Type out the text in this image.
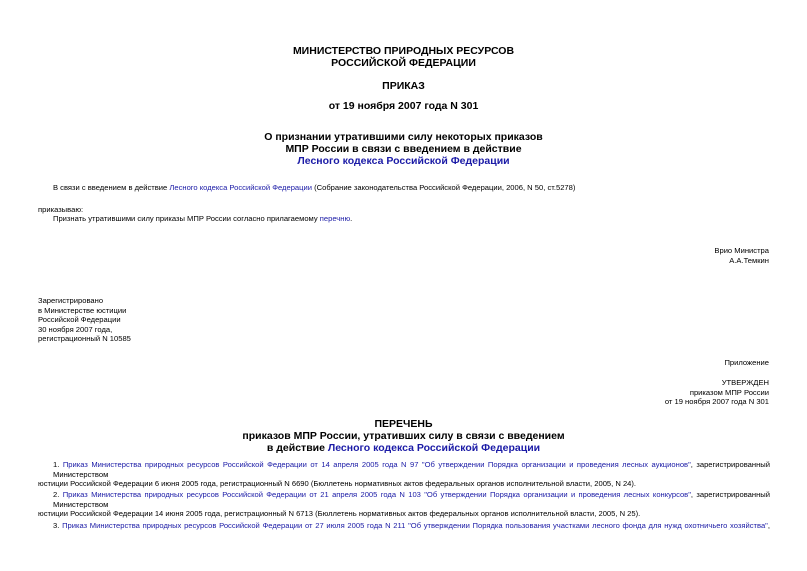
МИНИСТЕРСТВО ПРИРОДНЫХ РЕСУРСОВ
РОССИЙСКОЙ ФЕДЕРАЦИИ
ПРИКАЗ
от 19 ноября 2007 года N 301
О признании утратившими силу некоторых приказов
МПР России в связи с введением в действие
Лесного кодекса Российской Федерации
В связи с введением в действие Лесного кодекса Российской Федерации (Собрание законодательства Российской Федерации, 2006, N 50, ст.5278)
приказываю:
Признать утратившими силу приказы МПР России согласно прилагаемому перечню.
Врио Министра
А.А.Темкин
Зарегистрировано
в Министерстве юстиции
Российской Федерации
30 ноября 2007 года,
регистрационный N 10585
Приложение
УТВЕРЖДЕН
приказом МПР России
от 19 ноября 2007 года N 301
ПЕРЕЧЕНЬ
приказов МПР России, утративших силу в связи с введением
в действие Лесного кодекса Российской Федерации
1. Приказ Министерства природных ресурсов Российской Федерации от 14 апреля 2005 года N 97 "Об утверждении Порядка организации и проведения лесных аукционов", зарегистрированный Министерством
юстиции Российской Федерации 6 июня 2005 года, регистрационный N 6690 (Бюллетень нормативных актов федеральных органов исполнительной власти, 2005, N 24).
2. Приказ Министерства природных ресурсов Российской Федерации от 21 апреля 2005 года N 103 "Об утверждении Порядка организации и проведения лесных конкурсов", зарегистрированный Министерством
юстиции Российской Федерации 14 июня 2005 года, регистрационный N 6713 (Бюллетень нормативных актов федеральных органов исполнительной власти, 2005, N 25).
3. Приказ Министерства природных ресурсов Российской Федерации от 27 июля 2005 года N 211 "Об утверждении Порядка пользования участками лесного фонда для нужд охотничьего хозяйства",
